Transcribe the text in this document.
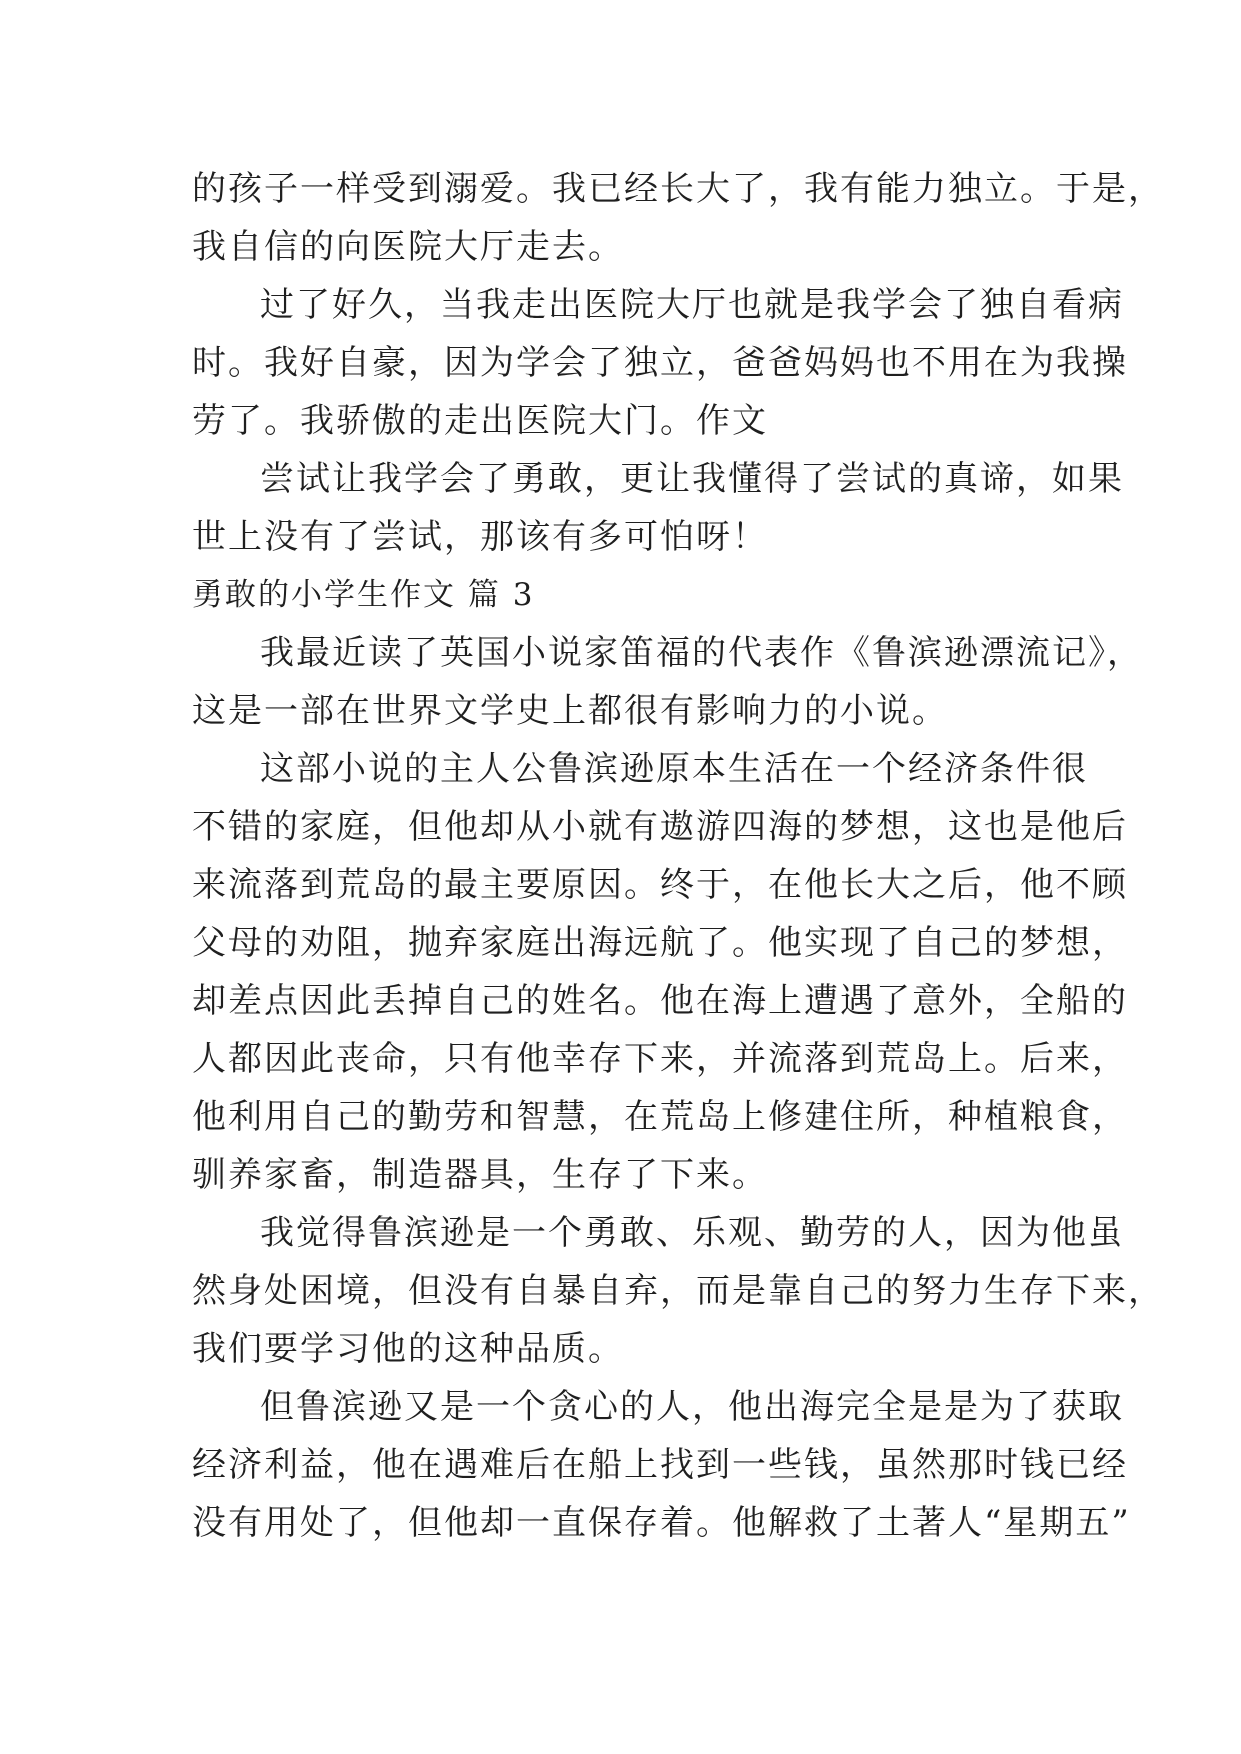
的孩子一样受到溺爱。我已经长大了，我有能力独立。于是，
我自信的向医院大厅走去。
过了好久，当我走出医院大厅也就是我学会了独自看病
时。我好自豪，因为学会了独立，爸爸妈妈也不用在为我操
劳了。我骄傲的走出医院大门。作文
尝试让我学会了勇敢，更让我懂得了尝试的真谛，如果
世上没有了尝试，那该有多可怕呀！
勇敢的小学生作文 篇 3
我最近读了英国小说家笛福的代表作《鲁滨逊漂流记》，
这是一部在世界文学史上都很有影响力的小说。
这部小说的主人公鲁滨逊原本生活在一个经济条件很
不错的家庭，但他却从小就有遨游四海的梦想，这也是他后
来流落到荒岛的最主要原因。终于，在他长大之后，他不顾
父母的劝阻，抛弃家庭出海远航了。他实现了自己的梦想，
却差点因此丢掉自己的姓名。他在海上遭遇了意外，全船的
人都因此丧命，只有他幸存下来，并流落到荒岛上。后来，
他利用自己的勤劳和智慧，在荒岛上修建住所，种植粮食，
驯养家畜，制造器具，生存了下来。
我觉得鲁滨逊是一个勇敢、乐观、勤劳的人，因为他虽
然身处困境，但没有自暴自弃，而是靠自己的努力生存下来，
我们要学习他的这种品质。
但鲁滨逊又是一个贪心的人，他出海完全是是为了获取
经济利益，他在遇难后在船上找到一些钱，虽然那时钱已经
没有用处了，但他却一直保存着。他解救了土著人“星期五”
